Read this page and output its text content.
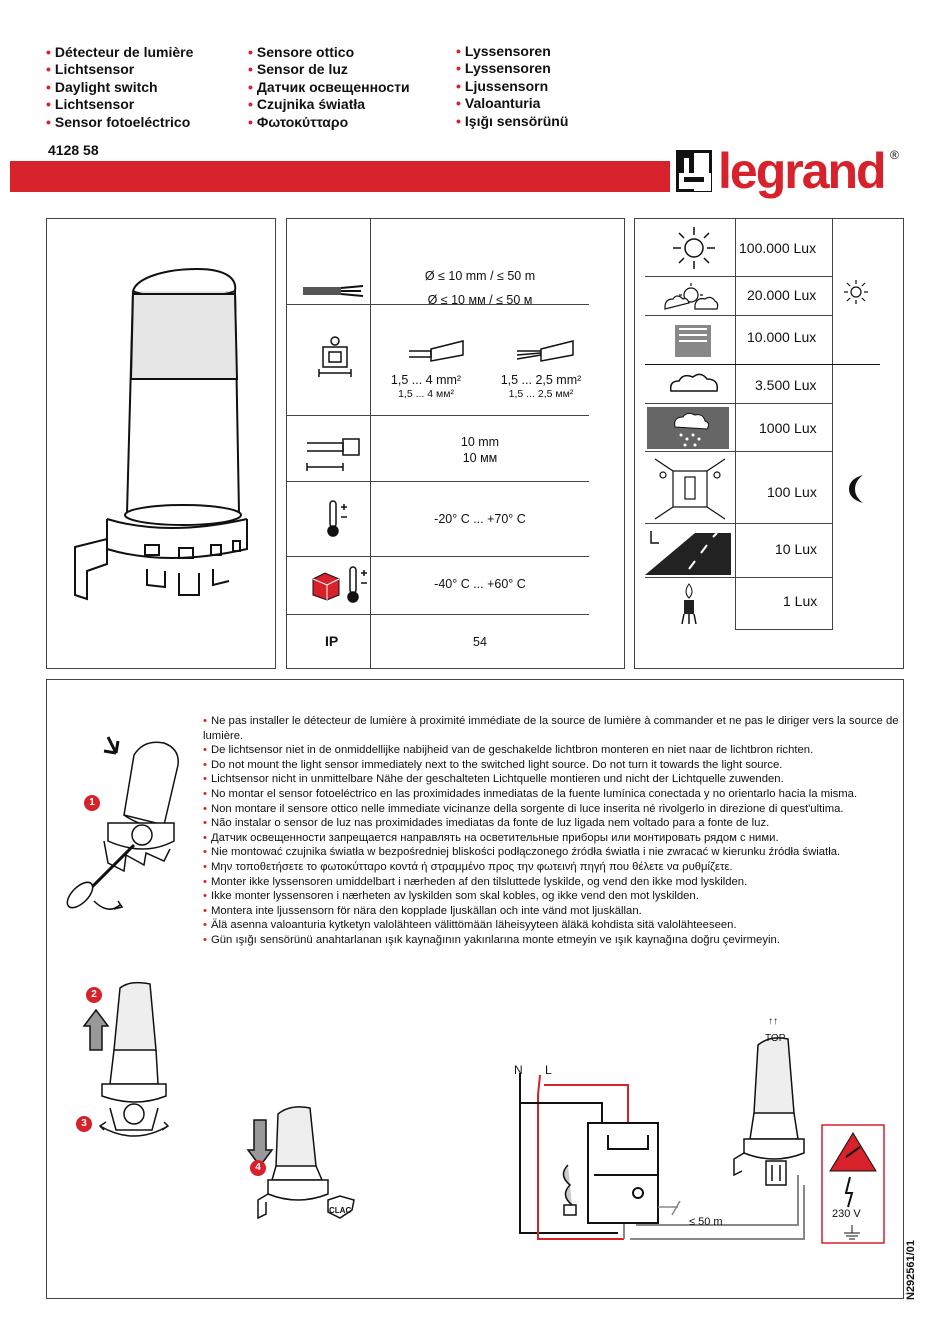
• Détecteur de lumière
• Lichtsensor
• Daylight switch
• Lichtsensor
• Sensor fotoeléctrico
• Sensore ottico
• Sensor de luz
• Датчик освещенности
• Czujnika światła
• Φωτοκύτταρο
• Lyssensoren
• Lyssensoren
• Ljussensorn
• Valoanturia
• Işığı sensörünü
4128 58	legrand ®
Ø ≤ 10 mm / ≤ 50 m
Ø ≤ 10 мм / ≤ 50 м
1,5 ... 4 mm²
1,5 ... 4 мм²
1,5 ... 2,5 mm²
1,5 ... 2,5 мм²
10 mm
10 мм
-20° C ... +70° C
-40° C ... +60° C
IP	54
100.000 Lux
20.000 Lux
10.000 Lux
3.500 Lux
1000 Lux
100 Lux
10 Lux
1 Lux
1
• Ne pas installer le détecteur de lumière à proximité immédiate de la source de lumière à commander et ne pas le diriger vers la source de lumière.
• De lichtsensor niet in de onmiddellijke nabijheid van de geschakelde lichtbron monteren en niet naar de lichtbron richten.
• Do not mount the light sensor immediately next to the switched light source. Do not turn it towards the light source.
• Lichtsensor nicht in unmittelbare Nähe der geschalteten Lichtquelle montieren und nicht der Lichtquelle zuwenden.
• No montar el sensor fotoeléctrico en las proximidades inmediatas de la fuente lumínica conectada y no orientarlo hacia la misma.
• Non montare il sensore ottico nelle immediate vicinanze della sorgente di luce inserita né rivolgerlo in direzione di quest'ultima.
• Não instalar o sensor de luz nas proximidades imediatas da fonte de luz ligada nem voltado para a fonte de luz.
• Датчик освещенности запрещается направлять на осветительные приборы или монтировать рядом с ними.
• Nie montować czujnika światła w bezpośredniej bliskości podłączonego źródła światła i nie zwracać w kierunku źródła światła.
• Μην τοποθετήσετε το φωτοκύτταρο κοντά ή στραμμένο προς την φωτεινή πηγή που θέλετε να ρυθμίζετε.
• Monter ikke lyssensoren umiddelbart i nærheden af den tilsluttede lyskilde, og vend den ikke mod lyskilden.
• Ikke monter lyssensoren i nærheten av lyskilden som skal kobles, og ikke vend den mot lyskilden.
• Montera inte ljussensorn för nära den kopplade ljuskällan och inte vänd mot ljuskällan.
• Älä asenna valoanturia kytketyn valolähteen välittömään läheisyyteen äläkä kohdista sitä valolähteeseen.
• Gün ışığı sensörünü anahtarlanan ışık kaynağının yakınlarına monte etmeyin ve ışık kaynağına doğru çevirmeyin.
2
3
4
CLAC
N L
↑↑
TOP
≤ 50 m
230 V
N292561/01
